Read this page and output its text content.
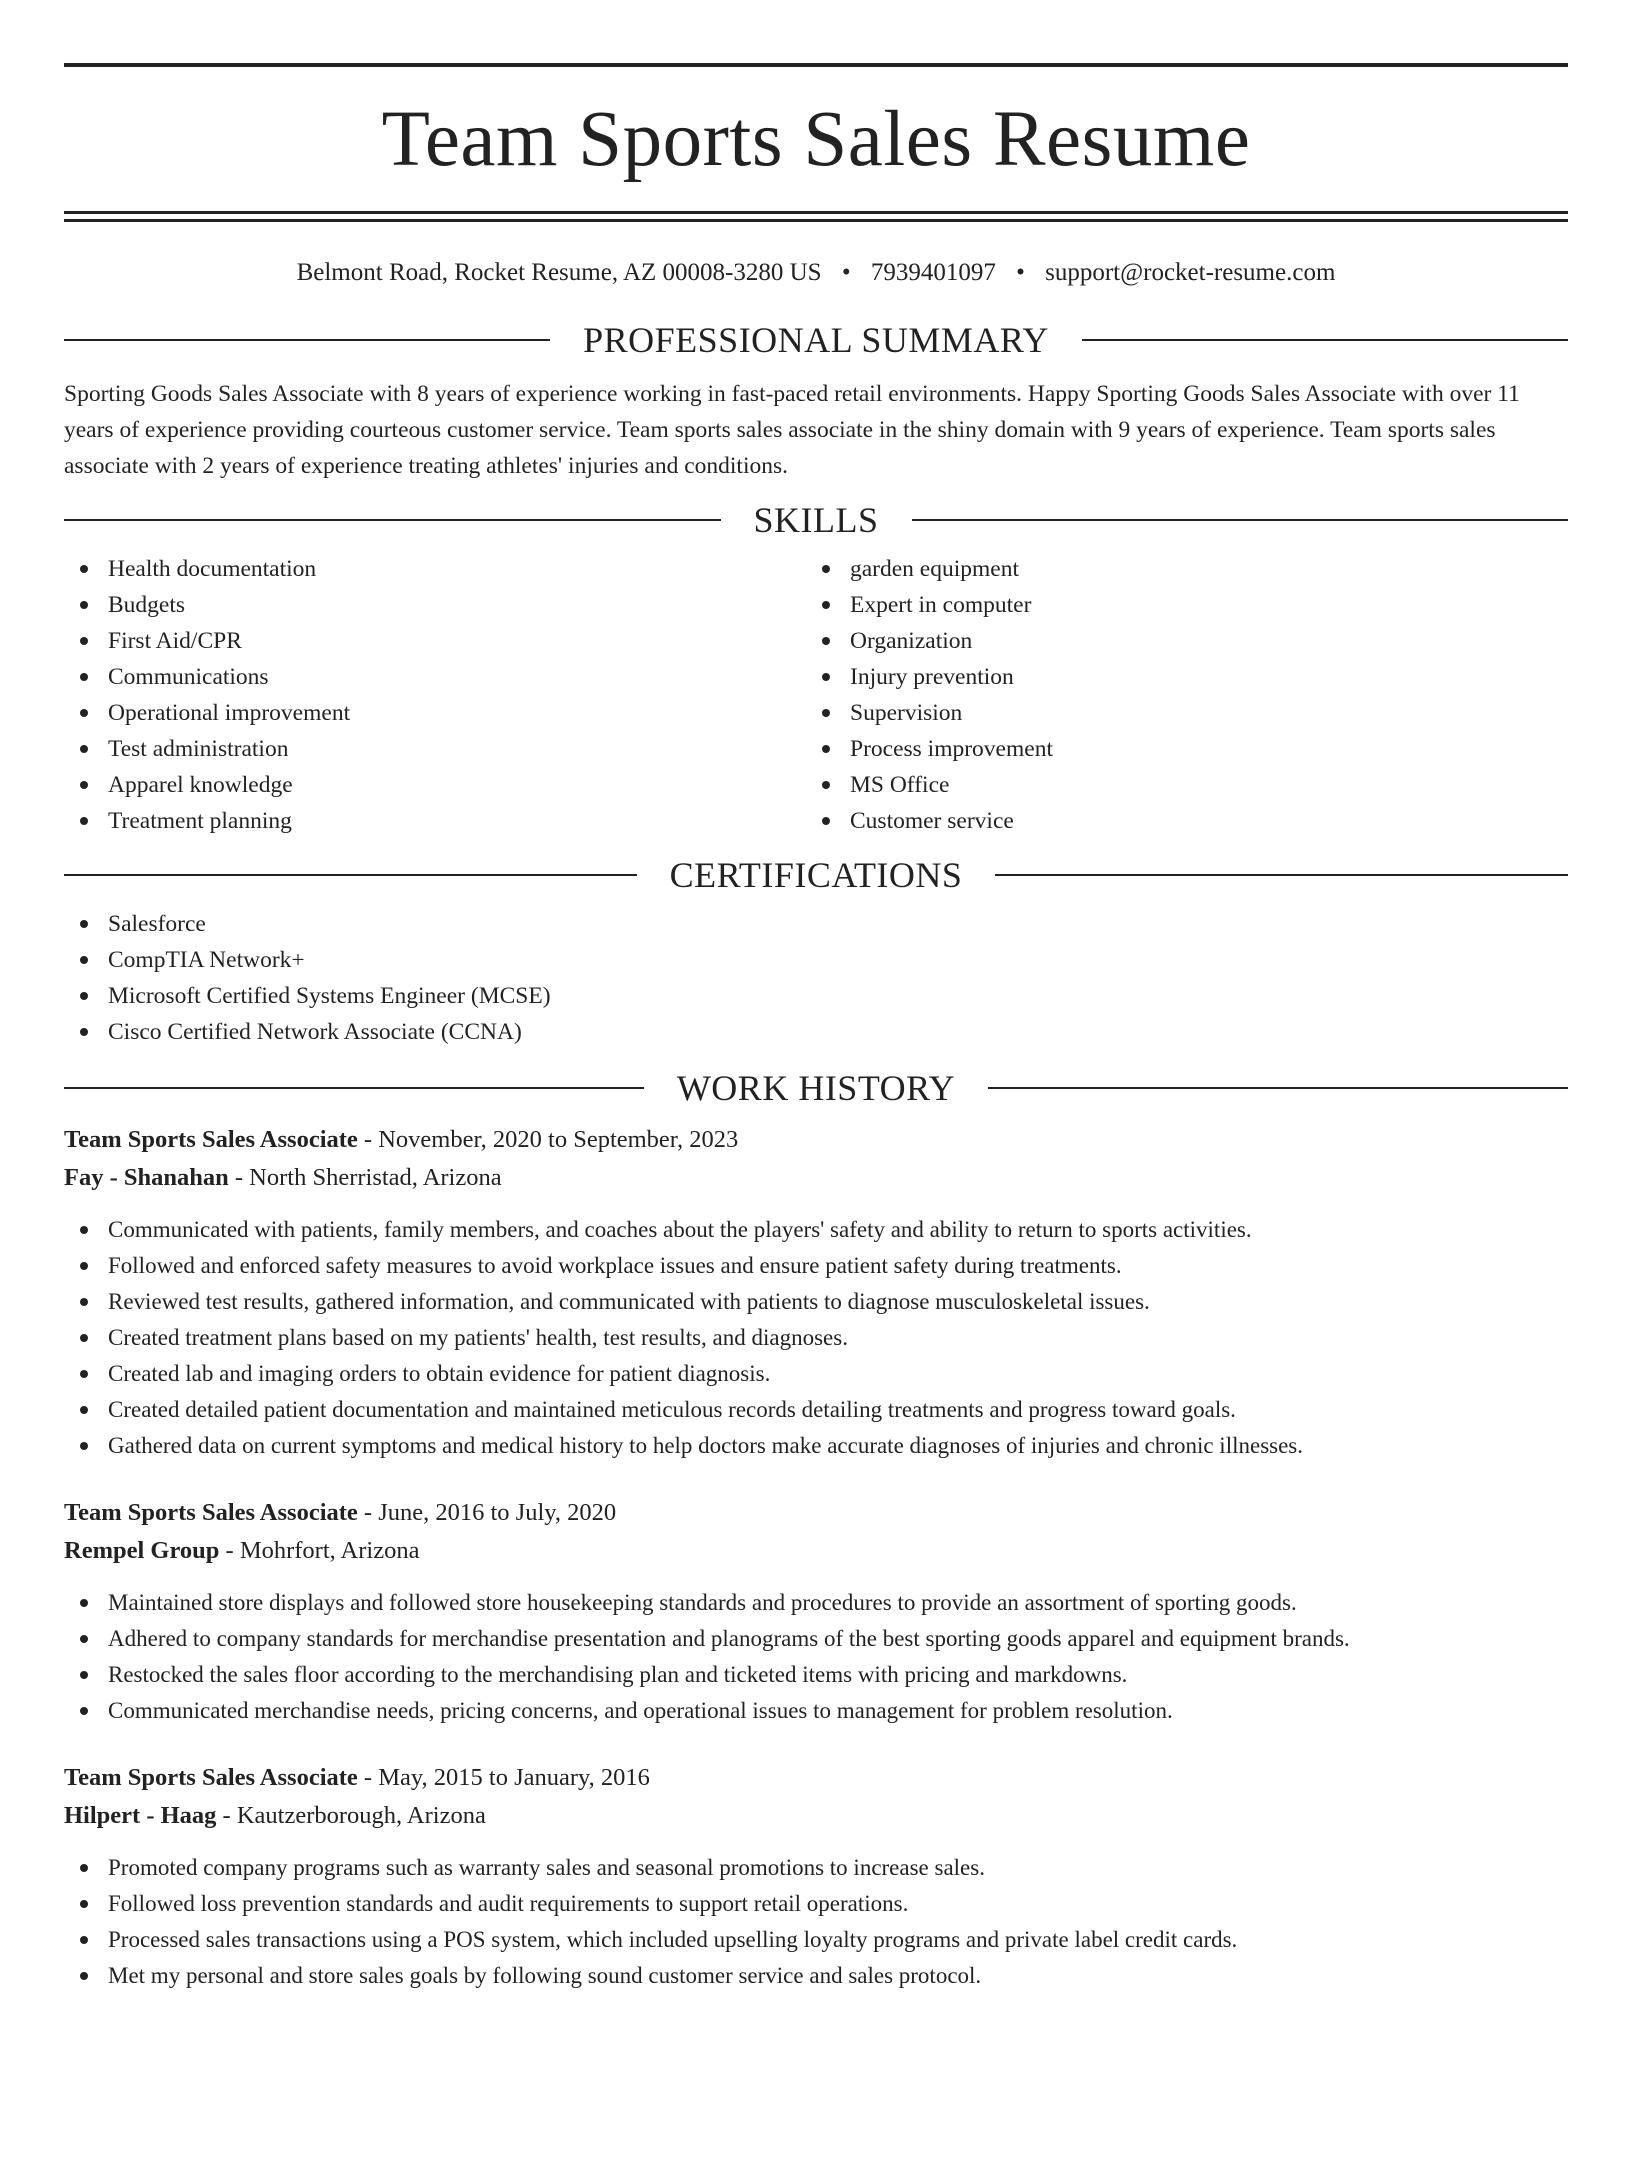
Team Sports Sales Resume
Belmont Road, Rocket Resume, AZ 00008-3280 US • 7939401097 • support@rocket-resume.com
PROFESSIONAL SUMMARY

Sporting Goods Sales Associate with 8 years of experience working in fast-paced retail environments. Happy Sporting Goods Sales Associate with over 11 years of experience providing courteous customer service. Team sports sales associate in the shiny domain with 9 years of experience. Team sports sales associate with 2 years of experience treating athletes' injuries and conditions.

SKILLS
Health documentation
Budgets
First Aid/CPR
Communications
Operational improvement
Test administration
Apparel knowledge
Treatment planning
garden equipment
Expert in computer
Organization
Injury prevention
Supervision
Process improvement
MS Office
Customer service
CERTIFICATIONS
Salesforce
CompTIA Network+
Microsoft Certified Systems Engineer (MCSE)
Cisco Certified Network Associate (CCNA)
WORK HISTORY
Team Sports Sales Associate - November, 2020 to September, 2023
Fay - Shanahan - North Sherristad, Arizona
Communicated with patients, family members, and coaches about the players' safety and ability to return to sports activities.
Followed and enforced safety measures to avoid workplace issues and ensure patient safety during treatments.
Reviewed test results, gathered information, and communicated with patients to diagnose musculoskeletal issues.
Created treatment plans based on my patients' health, test results, and diagnoses.
Created lab and imaging orders to obtain evidence for patient diagnosis.
Created detailed patient documentation and maintained meticulous records detailing treatments and progress toward goals.
Gathered data on current symptoms and medical history to help doctors make accurate diagnoses of injuries and chronic illnesses.
Team Sports Sales Associate - June, 2016 to July, 2020
Rempel Group - Mohrfort, Arizona
Maintained store displays and followed store housekeeping standards and procedures to provide an assortment of sporting goods.
Adhered to company standards for merchandise presentation and planograms of the best sporting goods apparel and equipment brands.
Restocked the sales floor according to the merchandising plan and ticketed items with pricing and markdowns.
Communicated merchandise needs, pricing concerns, and operational issues to management for problem resolution.
Team Sports Sales Associate - May, 2015 to January, 2016
Hilpert - Haag - Kautzerborough, Arizona
Promoted company programs such as warranty sales and seasonal promotions to increase sales.
Followed loss prevention standards and audit requirements to support retail operations.
Processed sales transactions using a POS system, which included upselling loyalty programs and private label credit cards.
Met my personal and store sales goals by following sound customer service and sales protocol.
